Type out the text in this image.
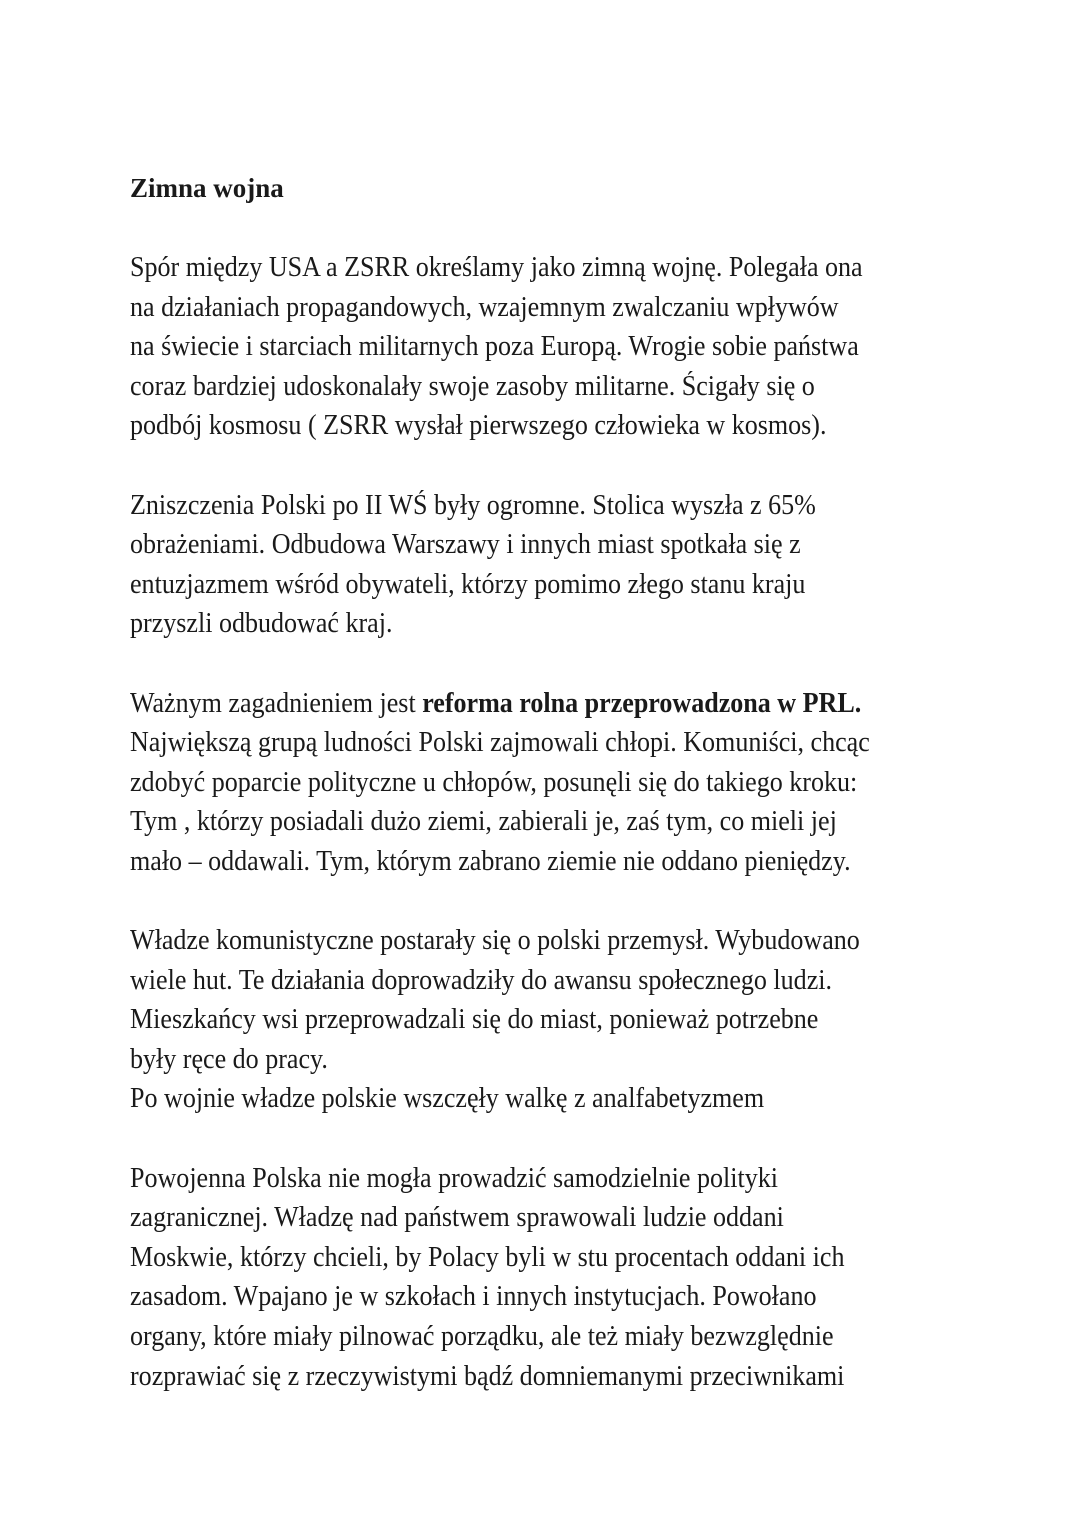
Zimna wojna
Spór między USA a ZSRR określamy jako zimną wojnę. Polegała ona
na działaniach propagandowych, wzajemnym zwalczaniu wpływów
na świecie i starciach militarnych poza Europą. Wrogie sobie państwa
coraz bardziej udoskonalały swoje zasoby militarne. Ścigały się o
podbój kosmosu ( ZSRR wysłał pierwszego człowieka w kosmos).
Zniszczenia Polski po II WŚ były ogromne. Stolica wyszła z 65%
obrażeniami. Odbudowa Warszawy i innych miast spotkała się z
entuzjazmem wśród obywateli, którzy pomimo złego stanu kraju
przyszli odbudować kraj.
Ważnym zagadnieniem jest reforma rolna przeprowadzona w PRL.
Największą grupą ludności Polski zajmowali chłopi. Komuniści, chcąc
zdobyć poparcie polityczne u chłopów, posunęli się do takiego kroku:
Tym , którzy posiadali dużo ziemi, zabierali je, zaś tym, co mieli jej
mało – oddawali. Tym, którym zabrano ziemie nie oddano pieniędzy.
Władze komunistyczne postarały się o polski przemysł. Wybudowano
wiele hut. Te działania doprowadziły do awansu społecznego ludzi.
Mieszkańcy wsi przeprowadzali się do miast, ponieważ potrzebne
były ręce do pracy.
Po wojnie władze polskie wszczęły walkę z analfabetyzmem
Powojenna Polska nie mogła prowadzić samodzielnie polityki
zagranicznej. Władzę nad państwem sprawowali ludzie oddani
Moskwie, którzy chcieli, by Polacy byli w stu procentach oddani ich
zasadom. Wpajano je w szkołach i innych instytucjach. Powołano
organy, które miały pilnować porządku, ale też miały bezwzględnie
rozprawiać się z rzeczywistymi bądź domniemanymi przeciwnikami
